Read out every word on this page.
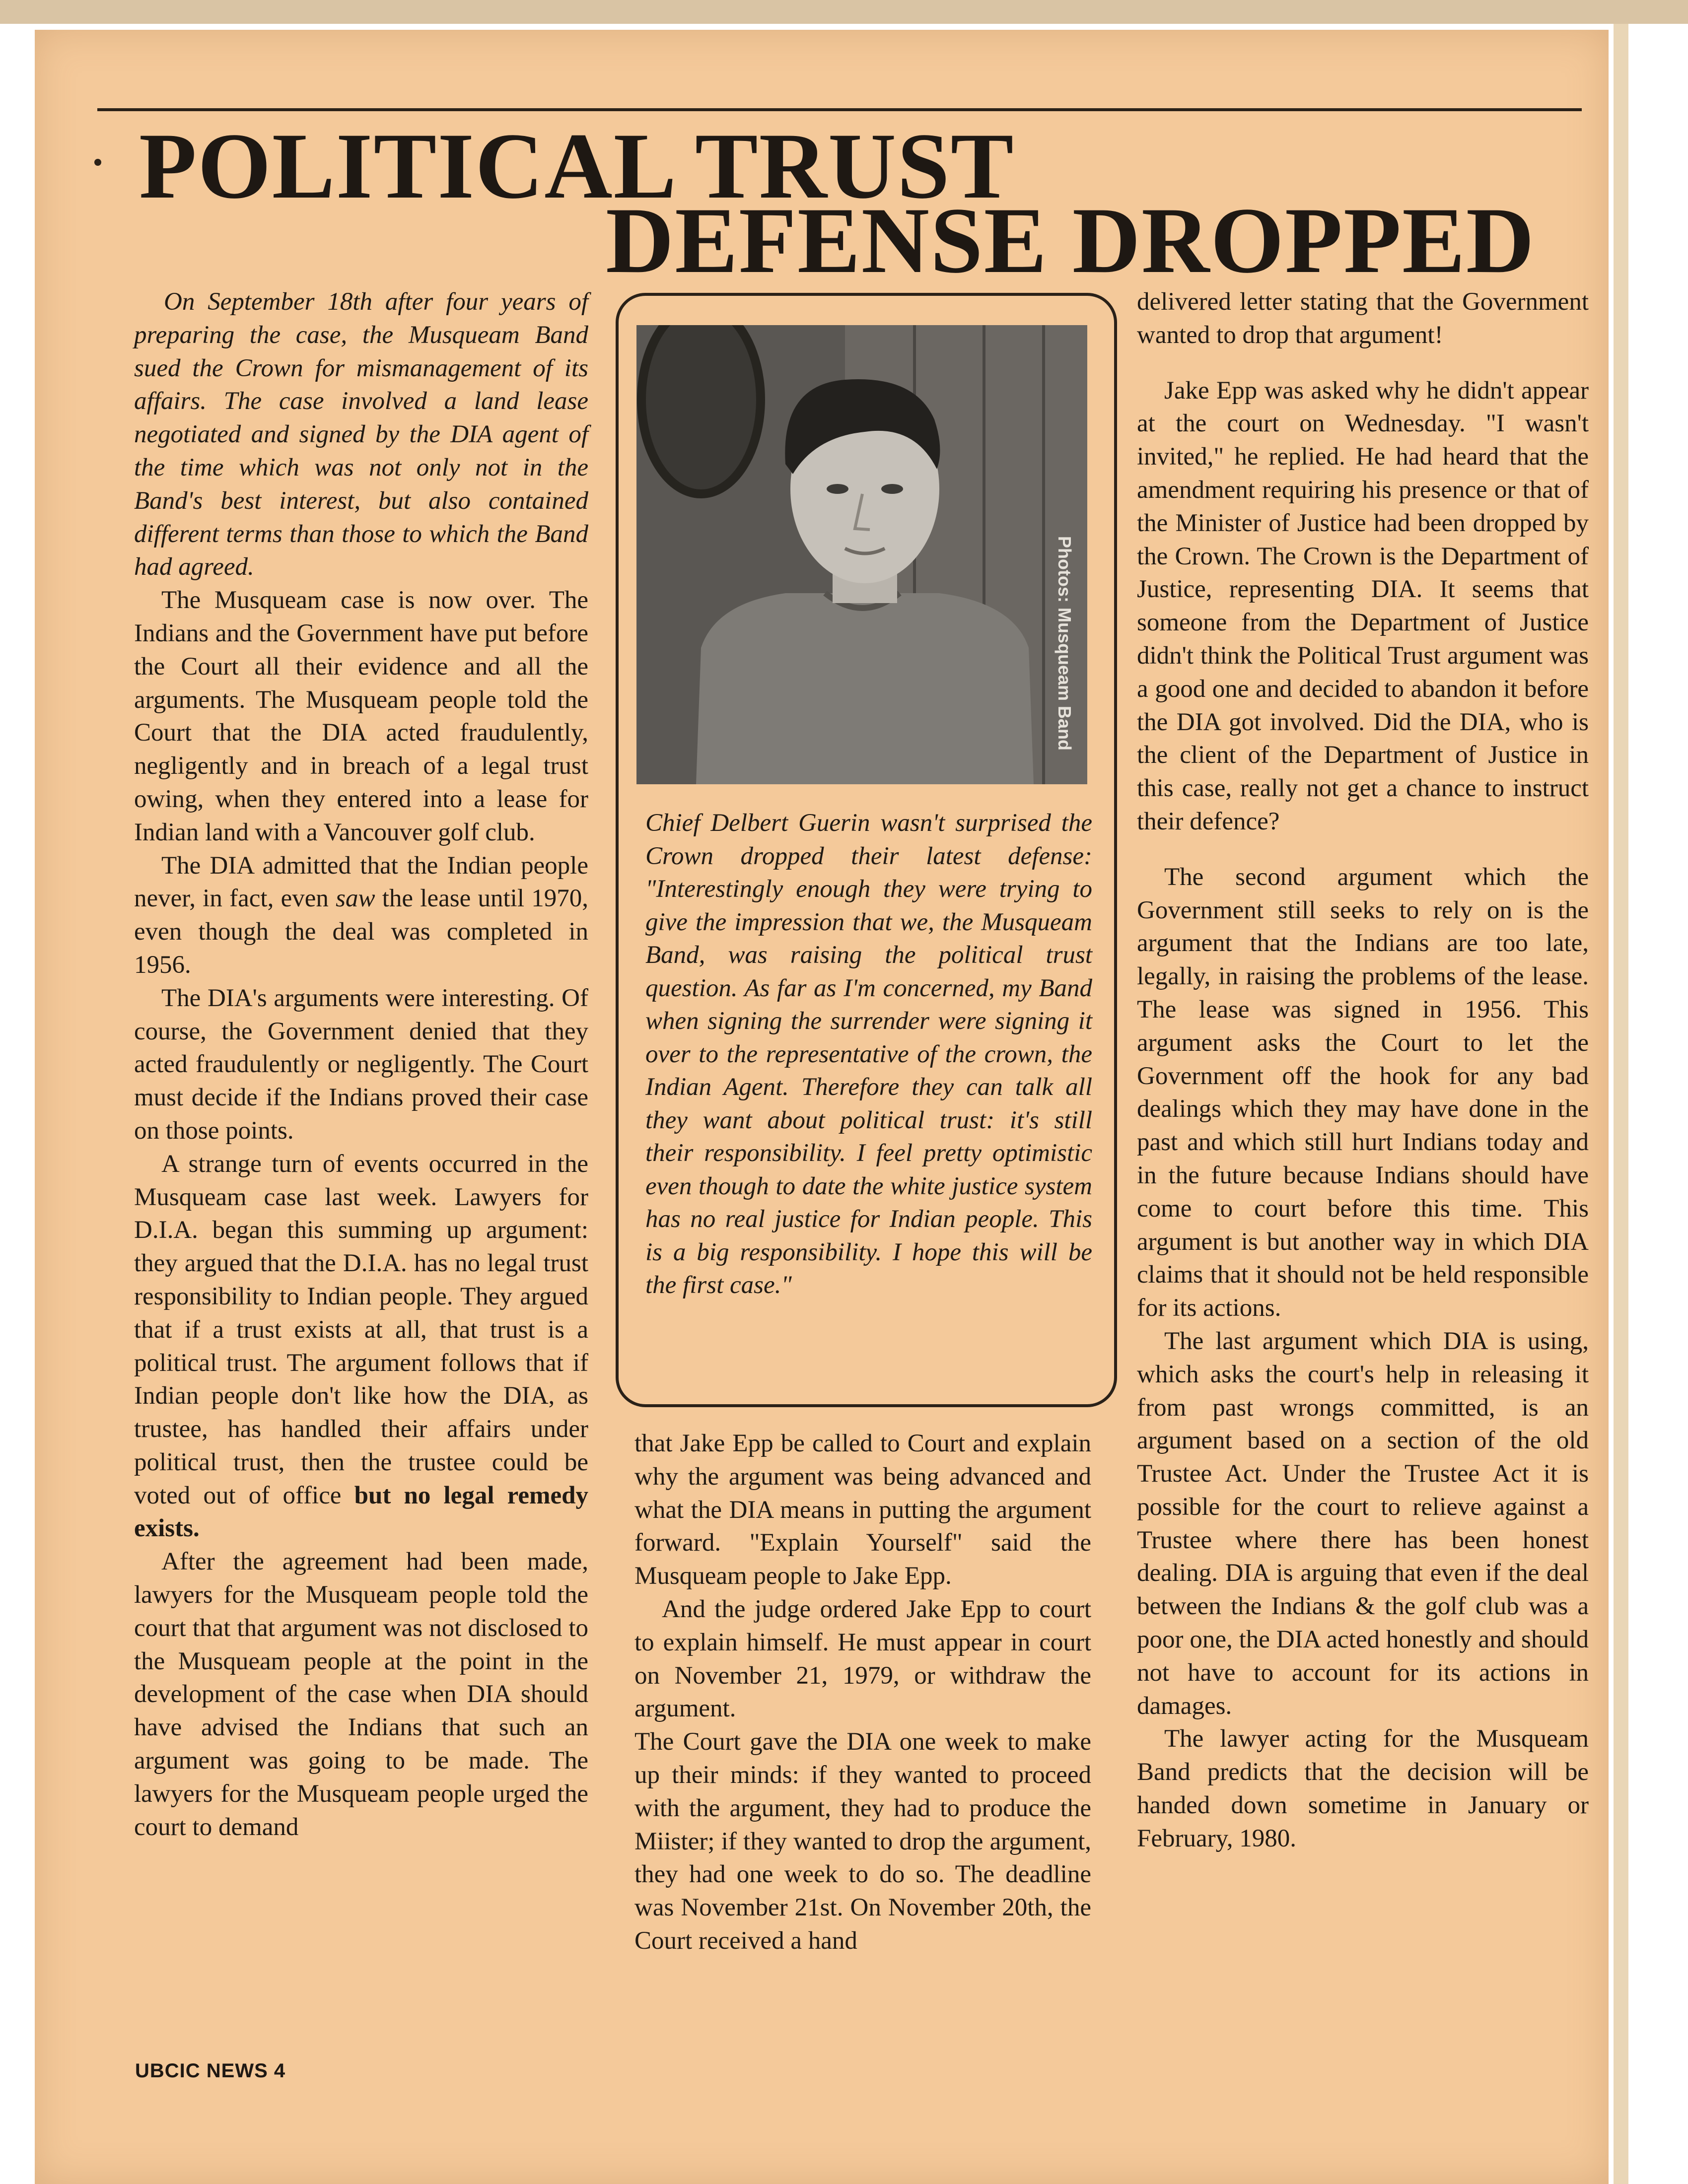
POLITICAL TRUST
DEFENSE DROPPED

On September 18th after four years of preparing the case, the Musqueam Band sued the Crown for mismanagement of its affairs. The case involved a land lease negotiated and signed by the DIA agent of the time which was not only not in the Band's best interest, but also contained different terms than those to which the Band had agreed.

The Musqueam case is now over. The Indians and the Government have put before the Court all their evidence and all the arguments. The Musqueam people told the Court that the DIA acted fraudulently, negligently and in breach of a legal trust owing, when they entered into a lease for Indian land with a Vancouver golf club.

The DIA admitted that the Indian people never, in fact, even saw the lease until 1970, even though the deal was completed in 1956.

The DIA's arguments were interesting. Of course, the Government denied that they acted fraudulently or negligently. The Court must decide if the Indians proved their case on those points.

A strange turn of events occurred in the Musqueam case last week. Lawyers for D.I.A. began this summing up argument: they argued that the D.I.A. has no legal trust responsibility to Indian people. They argued that if a trust exists at all, that trust is a political trust. The argument follows that if Indian people don't like how the DIA, as trustee, has handled their affairs under political trust, then the trustee could be voted out of office but no legal remedy exists.

After the agreement had been made, lawyers for the Musqueam people told the court that that argument was not disclosed to the Musqueam people at the point in the development of the case when DIA should have advised the Indians that such an argument was going to be made. The lawyers for the Musqueam people urged the court to demand

Photos: Musqueam Band
Chief Delbert Guerin wasn't surprised the Crown dropped their latest defense: "Interestingly enough they were trying to give the impression that we, the Musqueam Band, was raising the political trust question. As far as I'm concerned, my Band when signing the surrender were signing it over to the representative of the crown, the Indian Agent. Therefore they can talk all they want about political trust: it's still their responsibility. I feel pretty optimistic even though to date the white justice system has no real justice for Indian people. This is a big responsibility. I hope this will be the first case."

that Jake Epp be called to Court and explain why the argument was being advanced and what the DIA means in putting the argument forward. "Explain Yourself" said the Musqueam people to Jake Epp.

And the judge ordered Jake Epp to court to explain himself. He must appear in court on November 21, 1979, or withdraw the argument.

The Court gave the DIA one week to make up their minds: if they wanted to proceed with the argument, they had to produce the Miister; if they wanted to drop the argument, they had one week to do so. The deadline was November 21st. On November 20th, the Court received a hand

delivered letter stating that the Government wanted to drop that argument!

Jake Epp was asked why he didn't appear at the court on Wednesday. "I wasn't invited," he replied. He had heard that the amendment requiring his presence or that of the Minister of Justice had been dropped by the Crown. The Crown is the Department of Justice, representing DIA. It seems that someone from the Department of Justice didn't think the Political Trust argument was a good one and decided to abandon it before the DIA got involved. Did the DIA, who is the client of the Department of Justice in this case, really not get a chance to instruct their defence?

The second argument which the Government still seeks to rely on is the argument that the Indians are too late, legally, in raising the problems of the lease. The lease was signed in 1956. This argument asks the Court to let the Government off the hook for any bad dealings which they may have done in the past and which still hurt Indians today and in the future because Indians should have come to court before this time. This argument is but another way in which DIA claims that it should not be held responsible for its actions.

The last argument which DIA is using, which asks the court's help in releasing it from past wrongs committed, is an argument based on a section of the old Trustee Act. Under the Trustee Act it is possible for the court to relieve against a Trustee where there has been honest dealing. DIA is arguing that even if the deal between the Indians & the golf club was a poor one, the DIA acted honestly and should not have to account for its actions in damages.

The lawyer acting for the Musqueam Band predicts that the decision will be handed down sometime in January or February, 1980.

UBCIC NEWS 4
